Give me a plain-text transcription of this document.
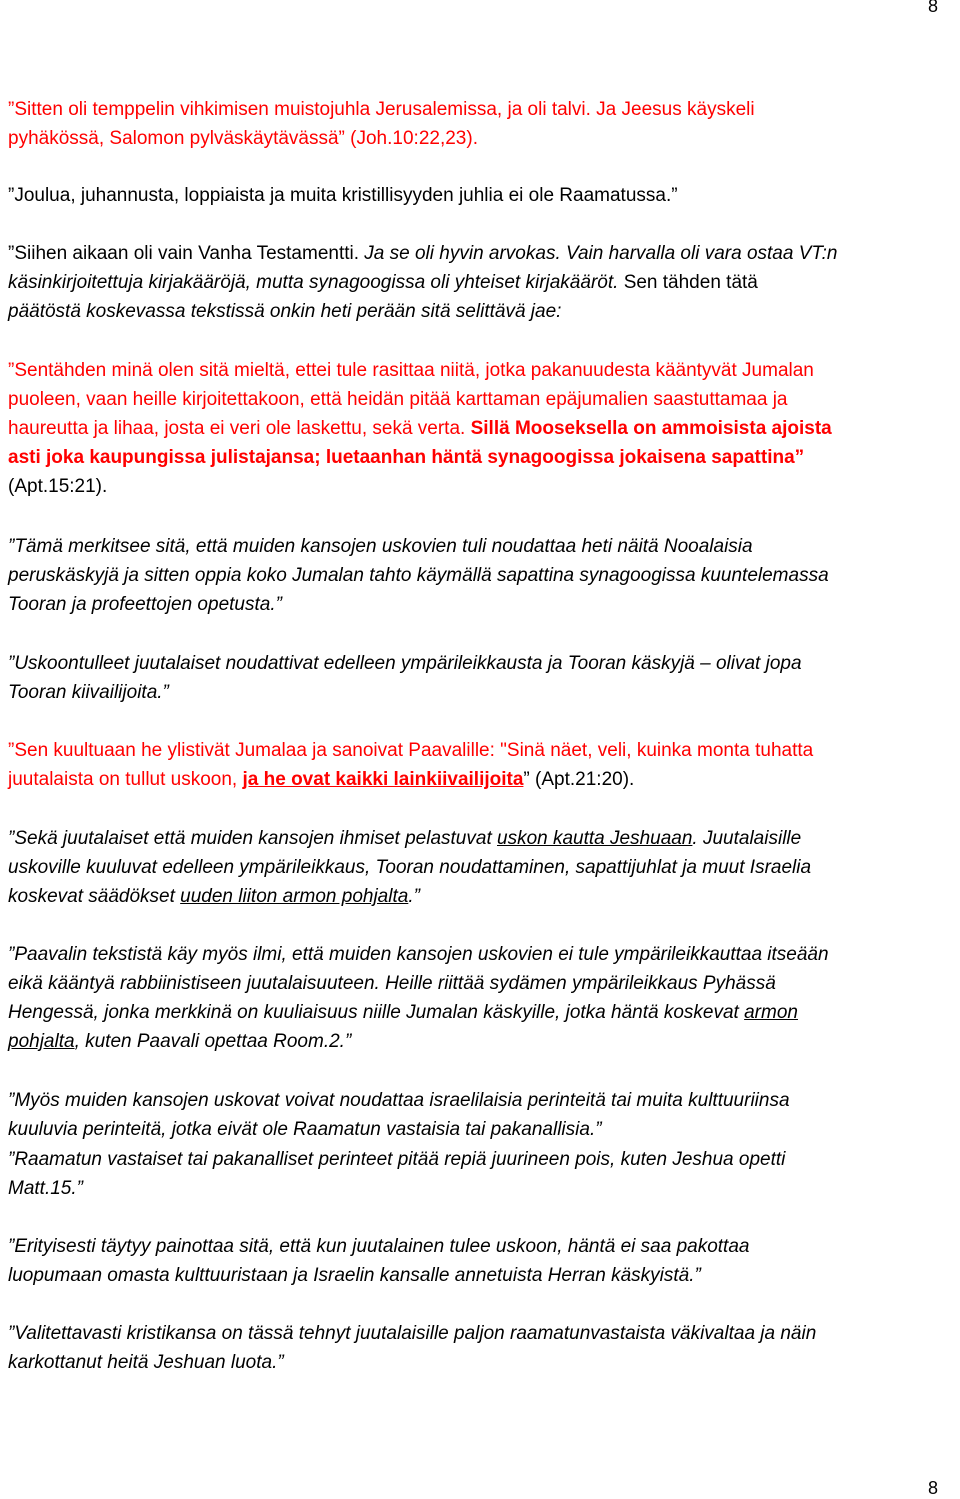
8

”Sitten oli temppelin vihkimisen muistojuhla Jerusalemissa, ja oli talvi. Ja Jeesus käyskeli
pyhäkössä, Salomon pylväskäytävässä” (Joh.10:22,23).

”Joulua, juhannusta, loppiaista ja muita kristillisyyden juhlia ei ole Raamatussa.”

”Siihen aikaan oli vain Vanha Testamentti. Ja se oli hyvin arvokas. Vain harvalla oli vara ostaa VT:n
käsinkirjoitettuja kirjakääröjä, mutta synagoogissa oli yhteiset kirjakääröt. Sen tähden tätä
päätöstä koskevassa tekstissä onkin heti perään sitä selittävä jae:

”Sentähden minä olen sitä mieltä, ettei tule rasittaa niitä, jotka pakanuudesta kääntyvät Jumalan
puoleen, vaan heille kirjoitettakoon, että heidän pitää karttaman epäjumalien saastuttamaa ja
haureutta ja lihaa, josta ei veri ole laskettu, sekä verta. Sillä Mooseksella on ammoisista ajoista
asti joka kaupungissa julistajansa; luetaanhan häntä synagoogissa jokaisena sapattina”
(Apt.15:21).

”Tämä merkitsee sitä, että muiden kansojen uskovien tuli noudattaa heti näitä Nooalaisia
peruskäskyjä ja sitten oppia koko Jumalan tahto käymällä sapattina synagoogissa kuuntelemassa
Tooran ja profeettojen opetusta.”

”Uskoontulleet juutalaiset noudattivat edelleen ympärileikkausta ja Tooran käskyjä – olivat jopa
Tooran kiivailijoita.”

”Sen kuultuaan he ylistivät Jumalaa ja sanoivat Paavalille: "Sinä näet, veli, kuinka monta tuhatta
juutalaista on tullut uskoon, ja he ovat kaikki lainkiivailijoita” (Apt.21:20).

”Sekä juutalaiset että muiden kansojen ihmiset pelastuvat uskon kautta Jeshuaan. Juutalaisille
uskoville kuuluvat edelleen ympärileikkaus, Tooran noudattaminen, sapattijuhlat ja muut Israelia
koskevat säädökset uuden liiton armon pohjalta.”

”Paavalin tekstistä käy myös ilmi, että muiden kansojen uskovien ei tule ympärileikkauttaa itseään
eikä kääntyä rabbiinistiseen juutalaisuuteen. Heille riittää sydämen ympärileikkaus Pyhässä
Hengessä, jonka merkkinä on kuuliaisuus niille Jumalan käskyille, jotka häntä koskevat armon
pohjalta, kuten Paavali opettaa Room.2.”

”Myös muiden kansojen uskovat voivat noudattaa israelilaisia perinteitä tai muita kulttuuriinsa
kuuluvia perinteitä, jotka eivät ole Raamatun vastaisia tai pakanallisia.”

”Raamatun vastaiset tai pakanalliset perinteet pitää repiä juurineen pois, kuten Jeshua opetti
Matt.15.”

”Erityisesti täytyy painottaa sitä, että kun juutalainen tulee uskoon, häntä ei saa pakottaa
luopumaan omasta kulttuuristaan ja Israelin kansalle annetuista Herran käskyistä.”

”Valitettavasti kristikansa on tässä tehnyt juutalaisille paljon raamatunvastaista väkivaltaa ja näin
karkottanut heitä Jeshuan luota.”

8
